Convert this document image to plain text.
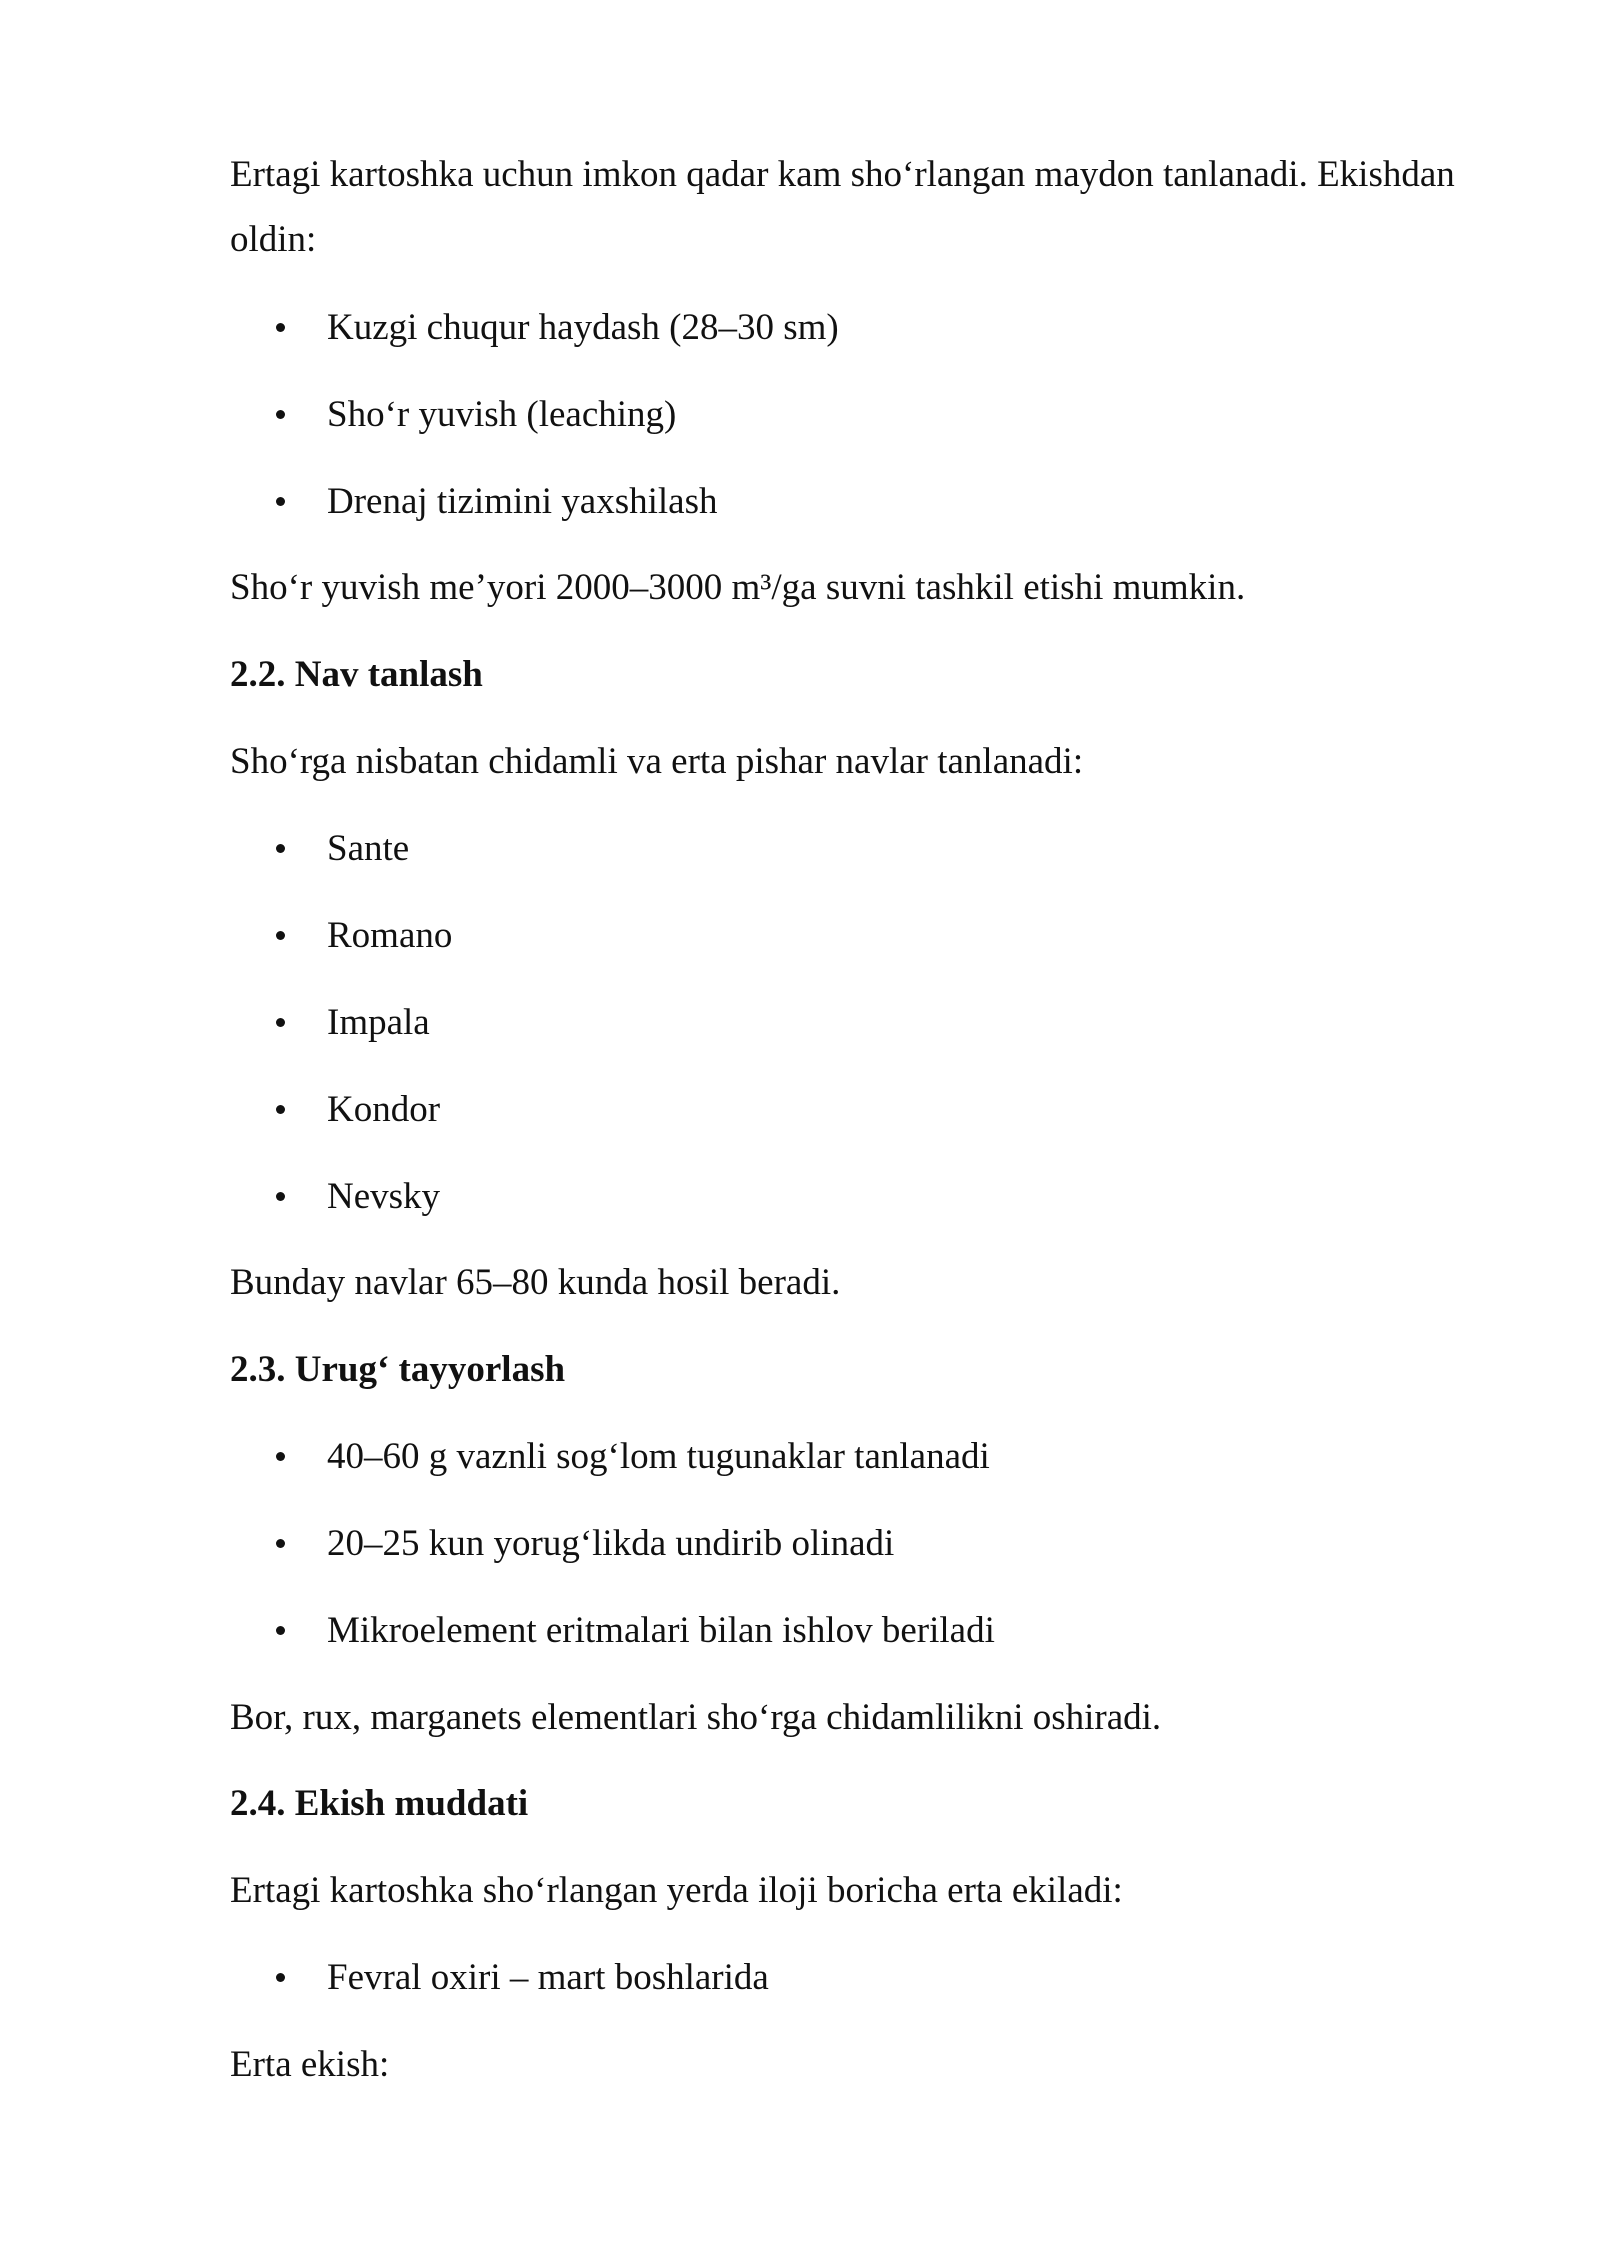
Ertagi kartoshka uchun imkon qadar kam sho‘rlangan maydon tanlanadi. Ekishdan oldin:

Kuzgi chuqur haydash (28–30 sm)
Sho‘r yuvish (leaching)
Drenaj tizimini yaxshilash

Sho‘r yuvish me’yori 2000–3000 m³/ga suvni tashkil etishi mumkin.

2.2. Nav tanlash

Sho‘rga nisbatan chidamli va erta pishar navlar tanlanadi:

Sante
Romano
Impala
Kondor
Nevsky

Bunday navlar 65–80 kunda hosil beradi.

2.3. Urug‘ tayyorlash

40–60 g vaznli sog‘lom tugunaklar tanlanadi
20–25 kun yorug‘likda undirib olinadi
Mikroelement eritmalari bilan ishlov beriladi

Bor, rux, marganets elementlari sho‘rga chidamlilikni oshiradi.

2.4. Ekish muddati

Ertagi kartoshka sho‘rlangan yerda iloji boricha erta ekiladi:

Fevral oxiri – mart boshlarida

Erta ekish:
